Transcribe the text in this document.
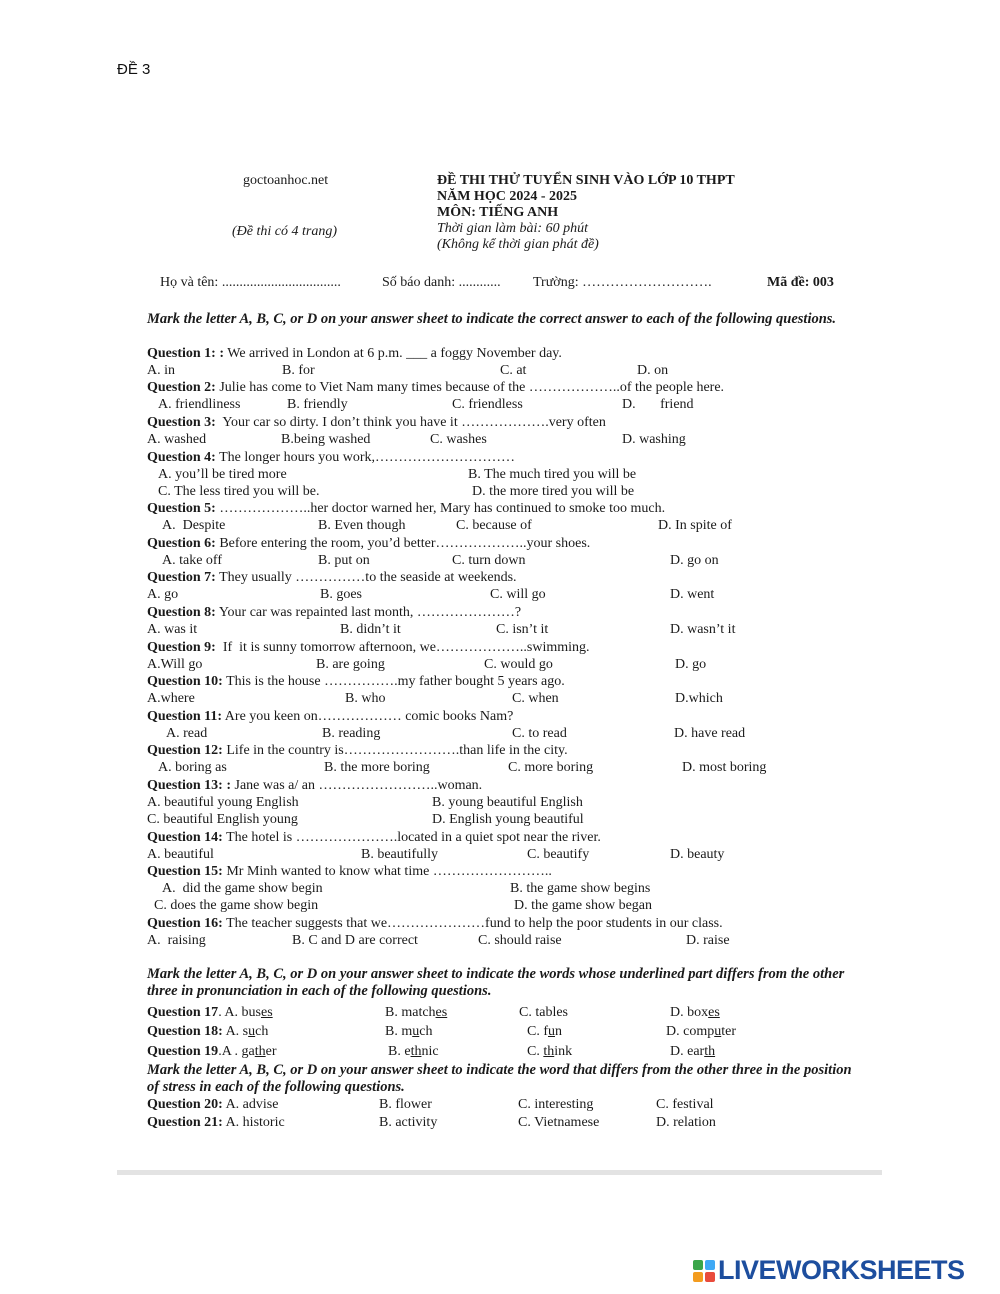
ĐỀ 3
goctoanhoc.net
(Đề thi có 4 trang)
ĐỀ THI THỬ TUYỂN SINH VÀO LỚP 10 THPT
NĂM HỌC 2024 - 2025
MÔN: TIẾNG ANH
Thời gian làm bài: 60 phút
(Không kể thời gian phát đề)
Họ và tên: ..................................	Số báo danh: ............	Trường: ……………………….	Mã đề: 003
Mark the letter A, B, C, or D on your answer sheet to indicate the correct answer to each of the following questions.
Question 1: : We arrived in London at 6 p.m. ___ a foggy November day.
A. in	B. for	C. at	D. on
Question 2: Julie has come to Viet Nam many times because of the ………………..of the people here.
A. friendliness	B. friendly	C. friendless	D.       friend
Question 3:  Your car so dirty. I don’t think you have it ……………….very often
A. washed	B.being washed	C. washes	D. washing
Question 4: The longer hours you work,…………………………
A. you’ll be tired more	B. The much tired you will be
C. The less tired you will be.	D. the more tired you will be
Question 5: ………………..her doctor warned her, Mary has continued to smoke too much.
A.  Despite	B. Even though	C. because of	D. In spite of
Question 6: Before entering the room, you’d better………………..your shoes.
A. take off	B. put on	C. turn down	D. go on
Question 7: They usually ……………to the seaside at weekends.
A. go	B. goes	C. will go	D. went
Question 8: Your car was repainted last month, …………………?
A. was it	B. didn’t it	C. isn’t it	D. wasn’t it
Question 9:  If  it is sunny tomorrow afternoon, we………………..swimming.
A.Will go	B. are going	C. would go	D. go
Question 10: This is the house …………….my father bought 5 years ago.
A.where	B. who	C. when	D.which
Question 11: Are you keen on……………… comic books Nam?
A. read	B. reading	C. to read	D. have read
Question 12: Life in the country is…………………….than life in the city.
A. boring as	B. the more boring	C. more boring	D. most boring
Question 13: : Jane was a/ an ……………………..woman.
A. beautiful young English	B. young beautiful English
C. beautiful English young	D. English young beautiful
Question 14: The hotel is ………………….located in a quiet spot near the river.
A. beautiful	B. beautifully	C. beautify	D. beauty
Question 15: Mr Minh wanted to know what time ……………………..
A.  did the game show begin	B. the game show begins
C. does the game show begin	D. the game show began
Question 16: The teacher suggests that we…………………fund to help the poor students in our class.
A.  raising	B. C and D are correct	C. should raise	D. raise
Mark the letter A, B, C, or D on your answer sheet to indicate the words whose underlined part differs from the other three in pronunciation in each of the following questions.
Question 17. A. buses	B. matches	C. tables	D. boxes
Question 18: A. such	B. much	C. fun	D. computer
Question 19.A . gather	B. ethnic	C. think	D. earth
Mark the letter A, B, C, or D on your answer sheet to indicate the word that differs from the other three in the position of stress in each of the following questions.
Question 20: A. advise	B. flower	C. interesting	C. festival
Question 21: A. historic	B. activity	C. Vietnamese	D. relation
LIVEWORKSHEETS
